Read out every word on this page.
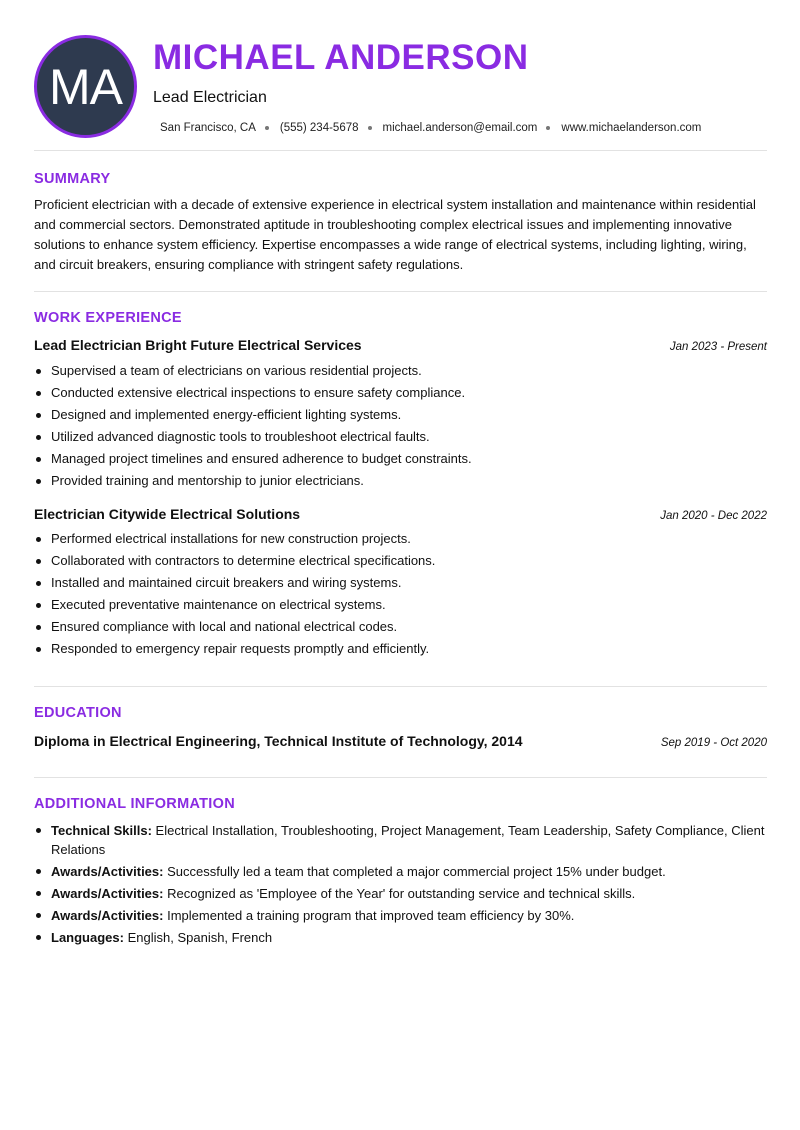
MA
MICHAEL ANDERSON
Lead Electrician
San Francisco, CA (555) 234-5678 michael.anderson@email.com www.michaelanderson.com
SUMMARY

Proficient electrician with a decade of extensive experience in electrical system installation and maintenance within residential and commercial sectors. Demonstrated aptitude in troubleshooting complex electrical issues and implementing innovative solutions to enhance system efficiency. Expertise encompasses a wide range of electrical systems, including lighting, wiring, and circuit breakers, ensuring compliance with stringent safety regulations.

WORK EXPERIENCE
Lead Electrician Bright Future Electrical Services	Jan 2023 - Present
Supervised a team of electricians on various residential projects.
Conducted extensive electrical inspections to ensure safety compliance.
Designed and implemented energy-efficient lighting systems.
Utilized advanced diagnostic tools to troubleshoot electrical faults.
Managed project timelines and ensured adherence to budget constraints.
Provided training and mentorship to junior electricians.
Electrician Citywide Electrical Solutions	Jan 2020 - Dec 2022
Performed electrical installations for new construction projects.
Collaborated with contractors to determine electrical specifications.
Installed and maintained circuit breakers and wiring systems.
Executed preventative maintenance on electrical systems.
Ensured compliance with local and national electrical codes.
Responded to emergency repair requests promptly and efficiently.
EDUCATION
Diploma in Electrical Engineering, Technical Institute of Technology, 2014	Sep 2019 - Oct 2020
ADDITIONAL INFORMATION
Technical Skills: Electrical Installation, Troubleshooting, Project Management, Team Leadership, Safety Compliance, Client Relations
Awards/Activities: Successfully led a team that completed a major commercial project 15% under budget.
Awards/Activities: Recognized as 'Employee of the Year' for outstanding service and technical skills.
Awards/Activities: Implemented a training program that improved team efficiency by 30%.
Languages: English, Spanish, French
